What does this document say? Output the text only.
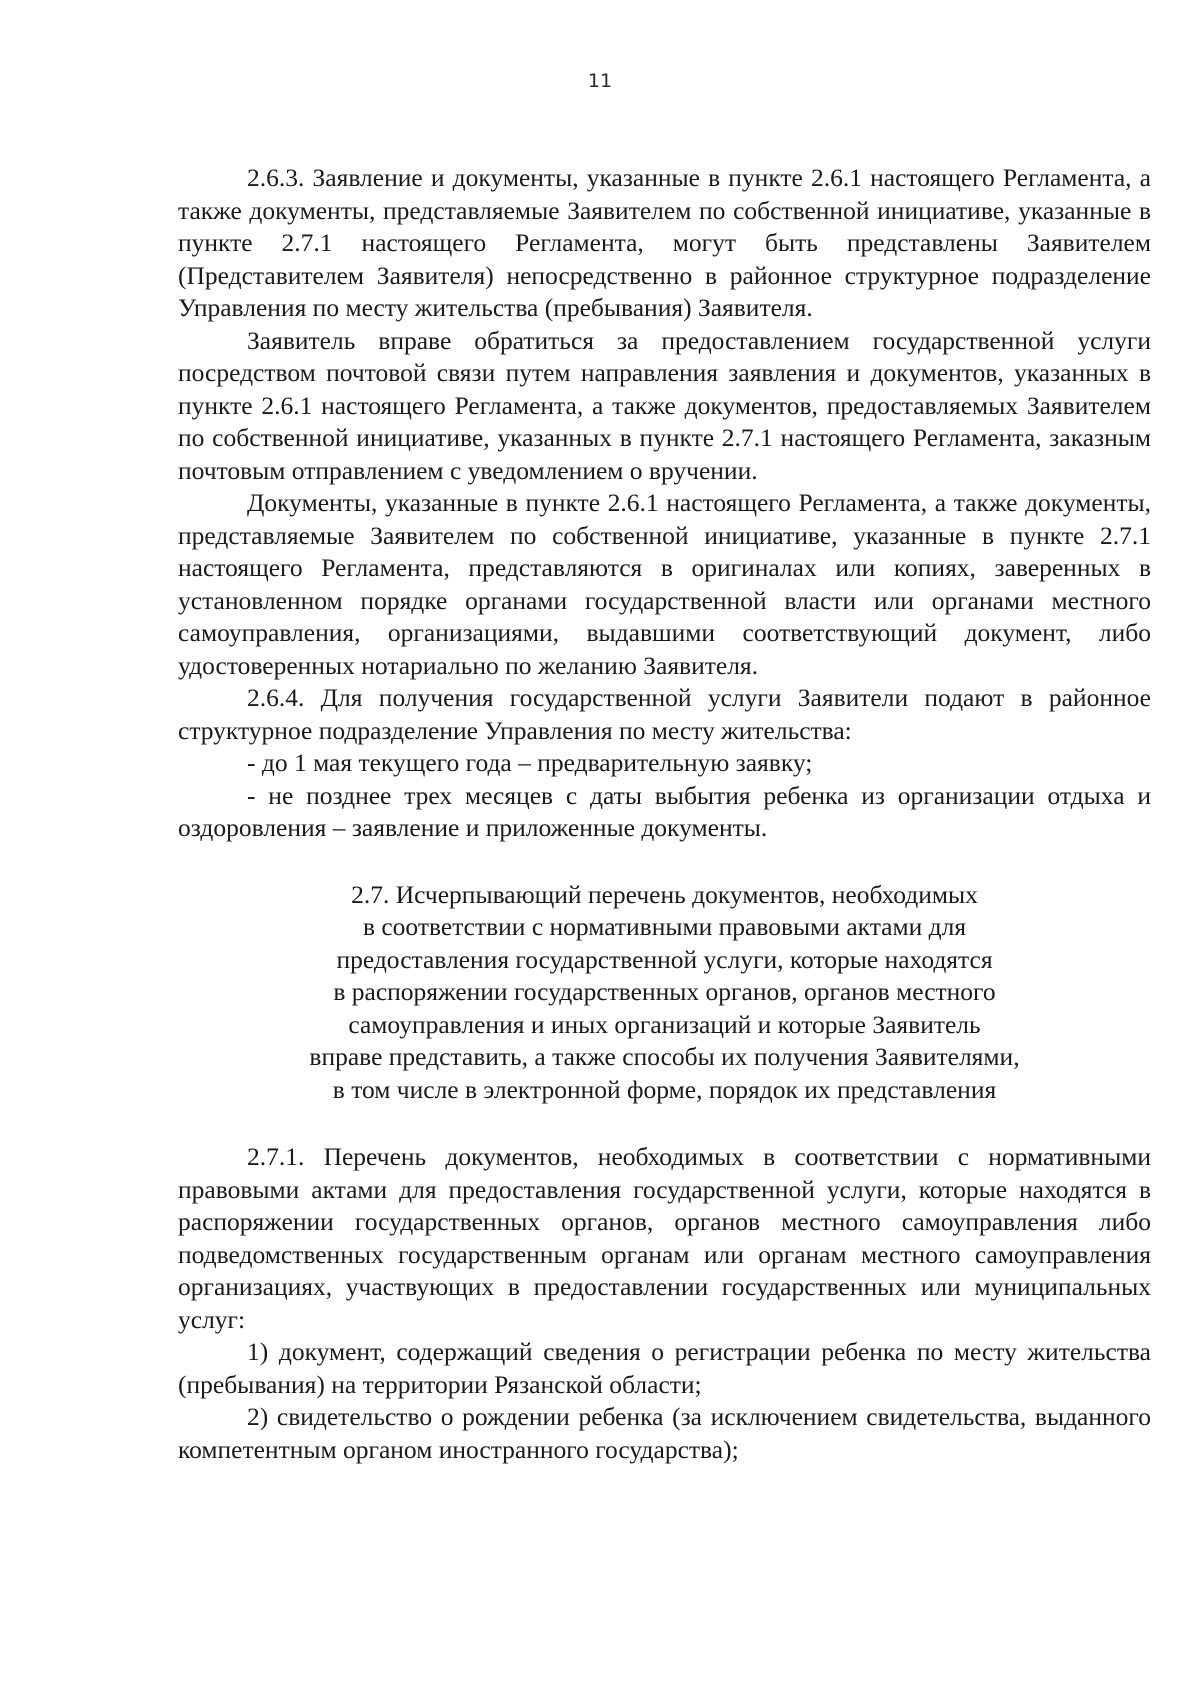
11

2.6.3. Заявление и документы, указанные в пункте 2.6.1 настоящего Регламента, а также документы, представляемые Заявителем по собственной инициативе, указанные в пункте 2.7.1 настоящего Регламента, могут быть представлены Заявителем (Представителем Заявителя) непосредственно в районное структурное подразделение Управления по месту жительства (пребывания) Заявителя.

Заявитель вправе обратиться за предоставлением государственной услуги посредством почтовой связи путем направления заявления и документов, указанных в пункте 2.6.1 настоящего Регламента, а также документов, предоставляемых Заявителем по собственной инициативе, указанных в пункте 2.7.1 настоящего Регламента, заказным почтовым отправлением с уведомлением о вручении.

Документы, указанные в пункте 2.6.1 настоящего Регламента, а также документы, представляемые Заявителем по собственной инициативе, указанные в пункте 2.7.1 настоящего Регламента, представляются в оригиналах или копиях, заверенных в установленном порядке органами государственной власти или органами местного самоуправления, организациями, выдавшими соответствующий документ, либо удостоверенных нотариально по желанию Заявителя.

2.6.4. Для получения государственной услуги Заявители подают в районное структурное подразделение Управления по месту жительства:

- до 1 мая текущего года – предварительную заявку;

- не позднее трех месяцев с даты выбытия ребенка из организации отдыха и оздоровления – заявление и приложенные документы.

2.7. Исчерпывающий перечень документов, необходимых
в соответствии с нормативными правовыми актами для
предоставления государственной услуги, которые находятся
в распоряжении государственных органов, органов местного
самоуправления и иных организаций и которые Заявитель
вправе представить, а также способы их получения Заявителями,
в том числе в электронной форме, порядок их представления

2.7.1. Перечень документов, необходимых в соответствии с нормативными правовыми актами для предоставления государственной услуги, которые находятся в распоряжении государственных органов, органов местного самоуправления либо подведомственных государственным органам или органам местного самоуправления организациях, участвующих в предоставлении государственных или муниципальных услуг:

1) документ, содержащий сведения о регистрации ребенка по месту жительства (пребывания) на территории Рязанской области;

2) свидетельство о рождении ребенка (за исключением свидетельства, выданного компетентным органом иностранного государства);
